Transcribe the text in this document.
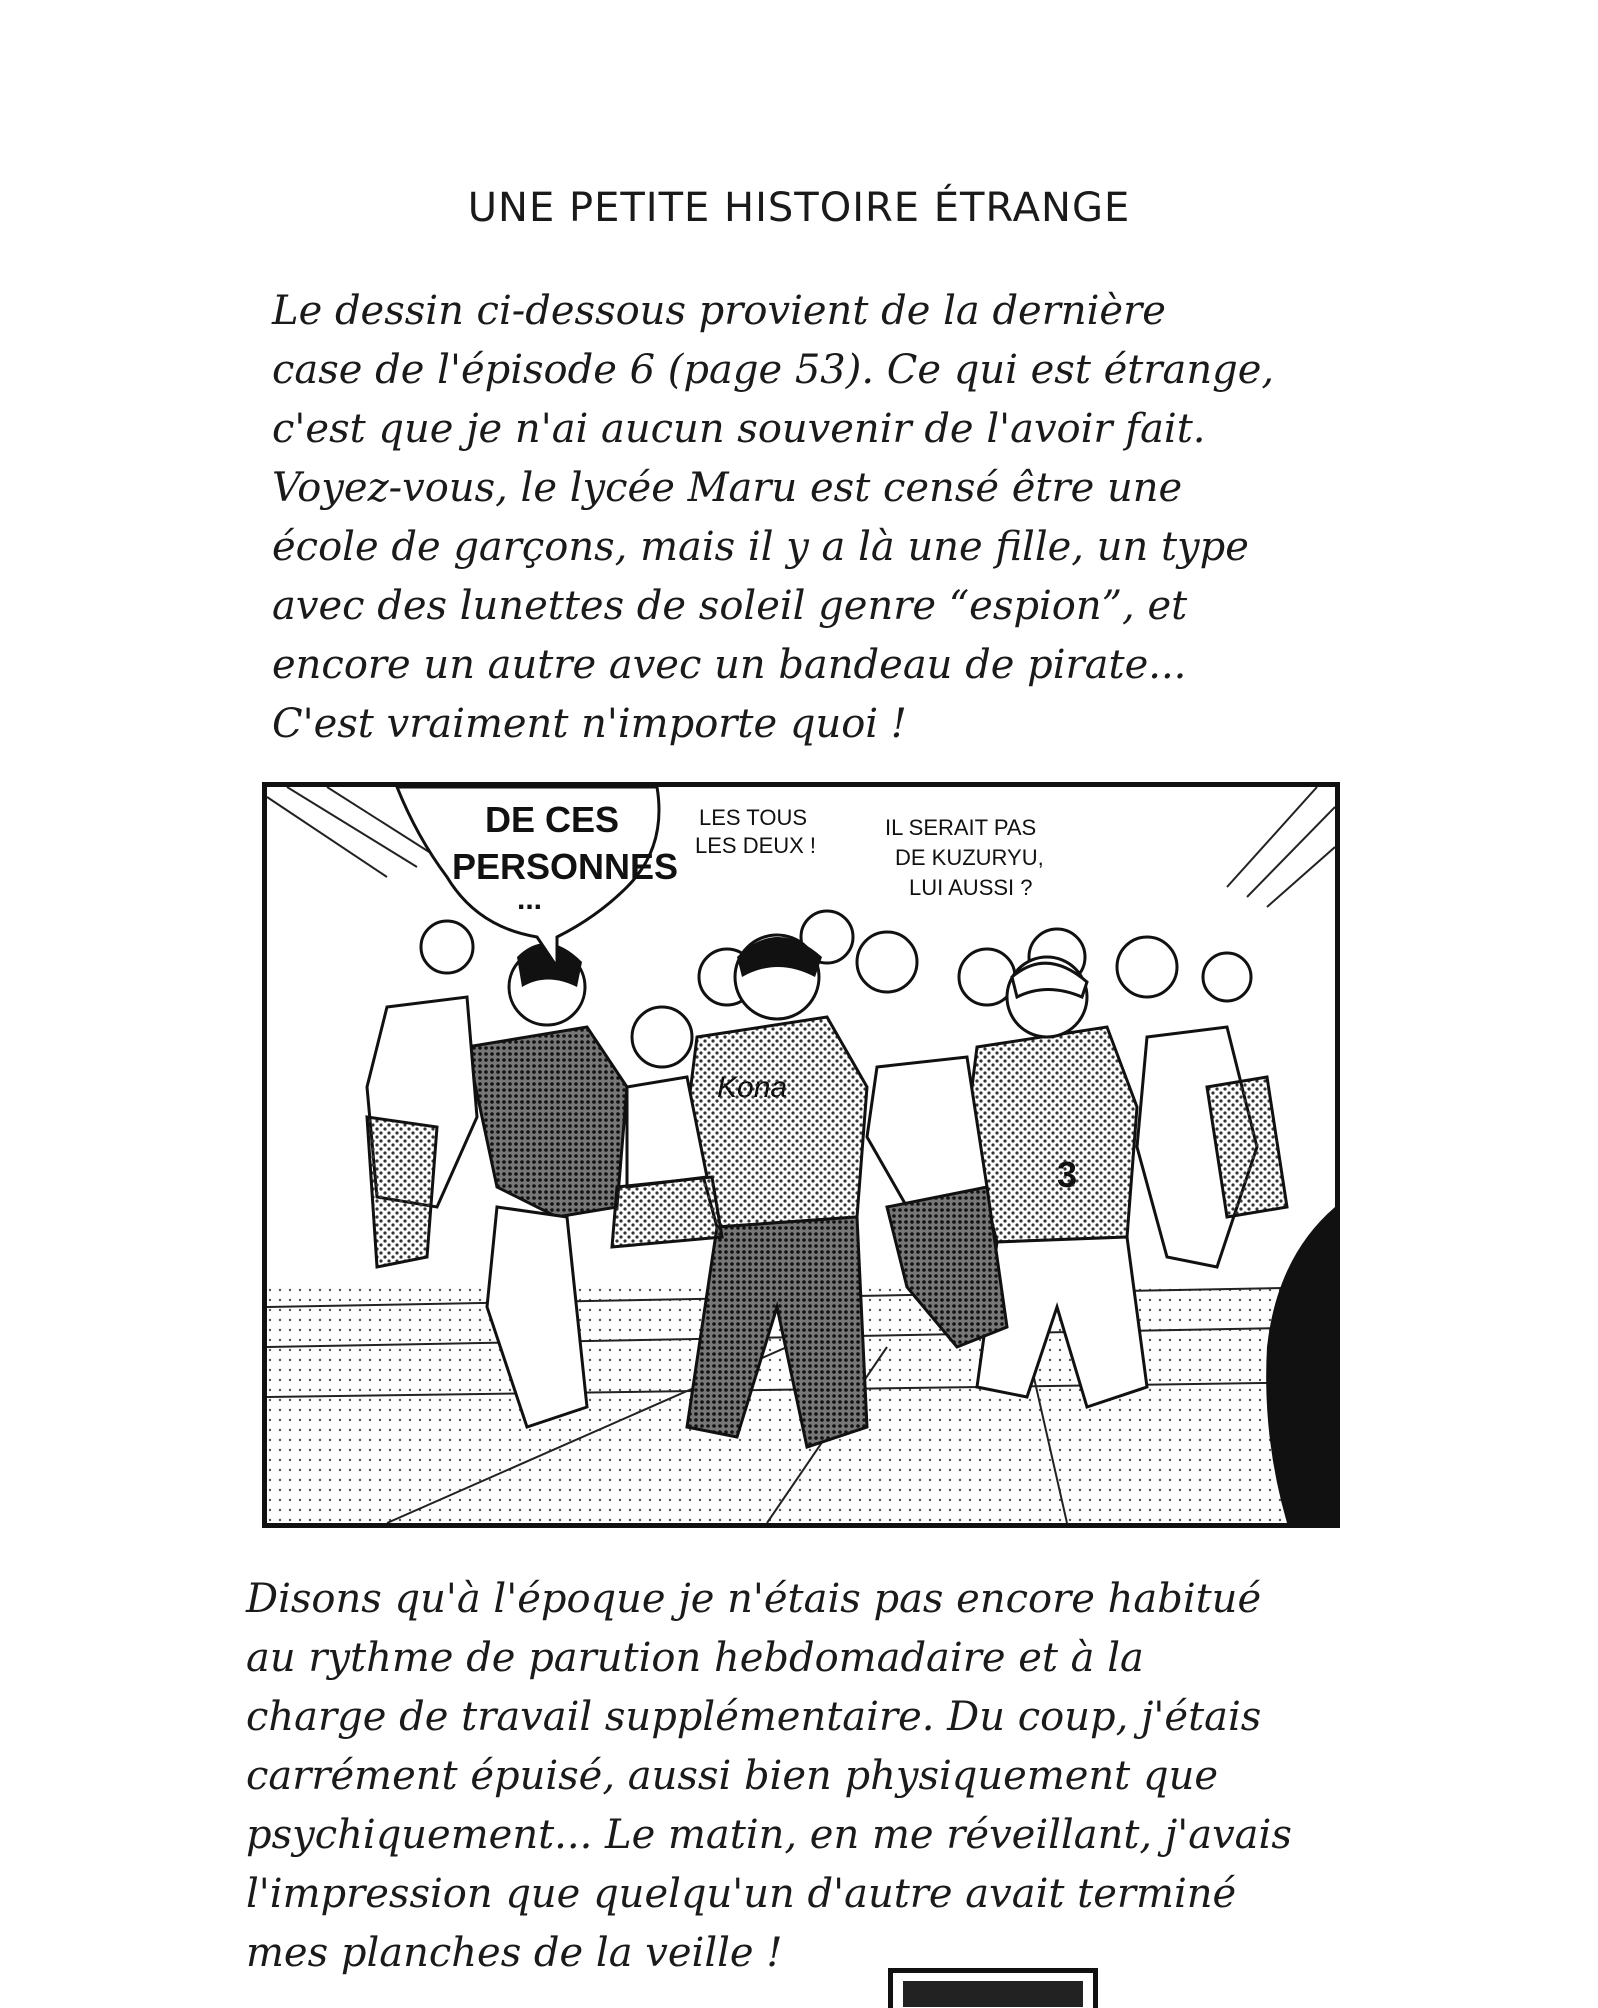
UNE PETITE HISTOIRE ÉTRANGE

Le dessin ci-dessous provient de la dernière
case de l'épisode 6 (page 53). Ce qui est étrange,
c'est que je n'ai aucun souvenir de l'avoir fait.
Voyez-vous, le lycée Maru est censé être une
école de garçons, mais il y a là une fille, un type
avec des lunettes de soleil genre “espion”, et
encore un autre avec un bandeau de pirate...
C'est vraiment n'importe quoi !

Kona
3
DE CES
PERSONNES
...
LES TOUS
LES DEUX !
IL SERAIT PAS
DE KUZURYU,
LUI AUSSI ?

Disons qu'à l'époque je n'étais pas encore habitué
au rythme de parution hebdomadaire et à la
charge de travail supplémentaire. Du coup, j'étais
carrément épuisé, aussi bien physiquement que
psychiquement... Le matin, en me réveillant, j'avais
l'impression que quelqu'un d'autre avait terminé
mes planches de la veille !
